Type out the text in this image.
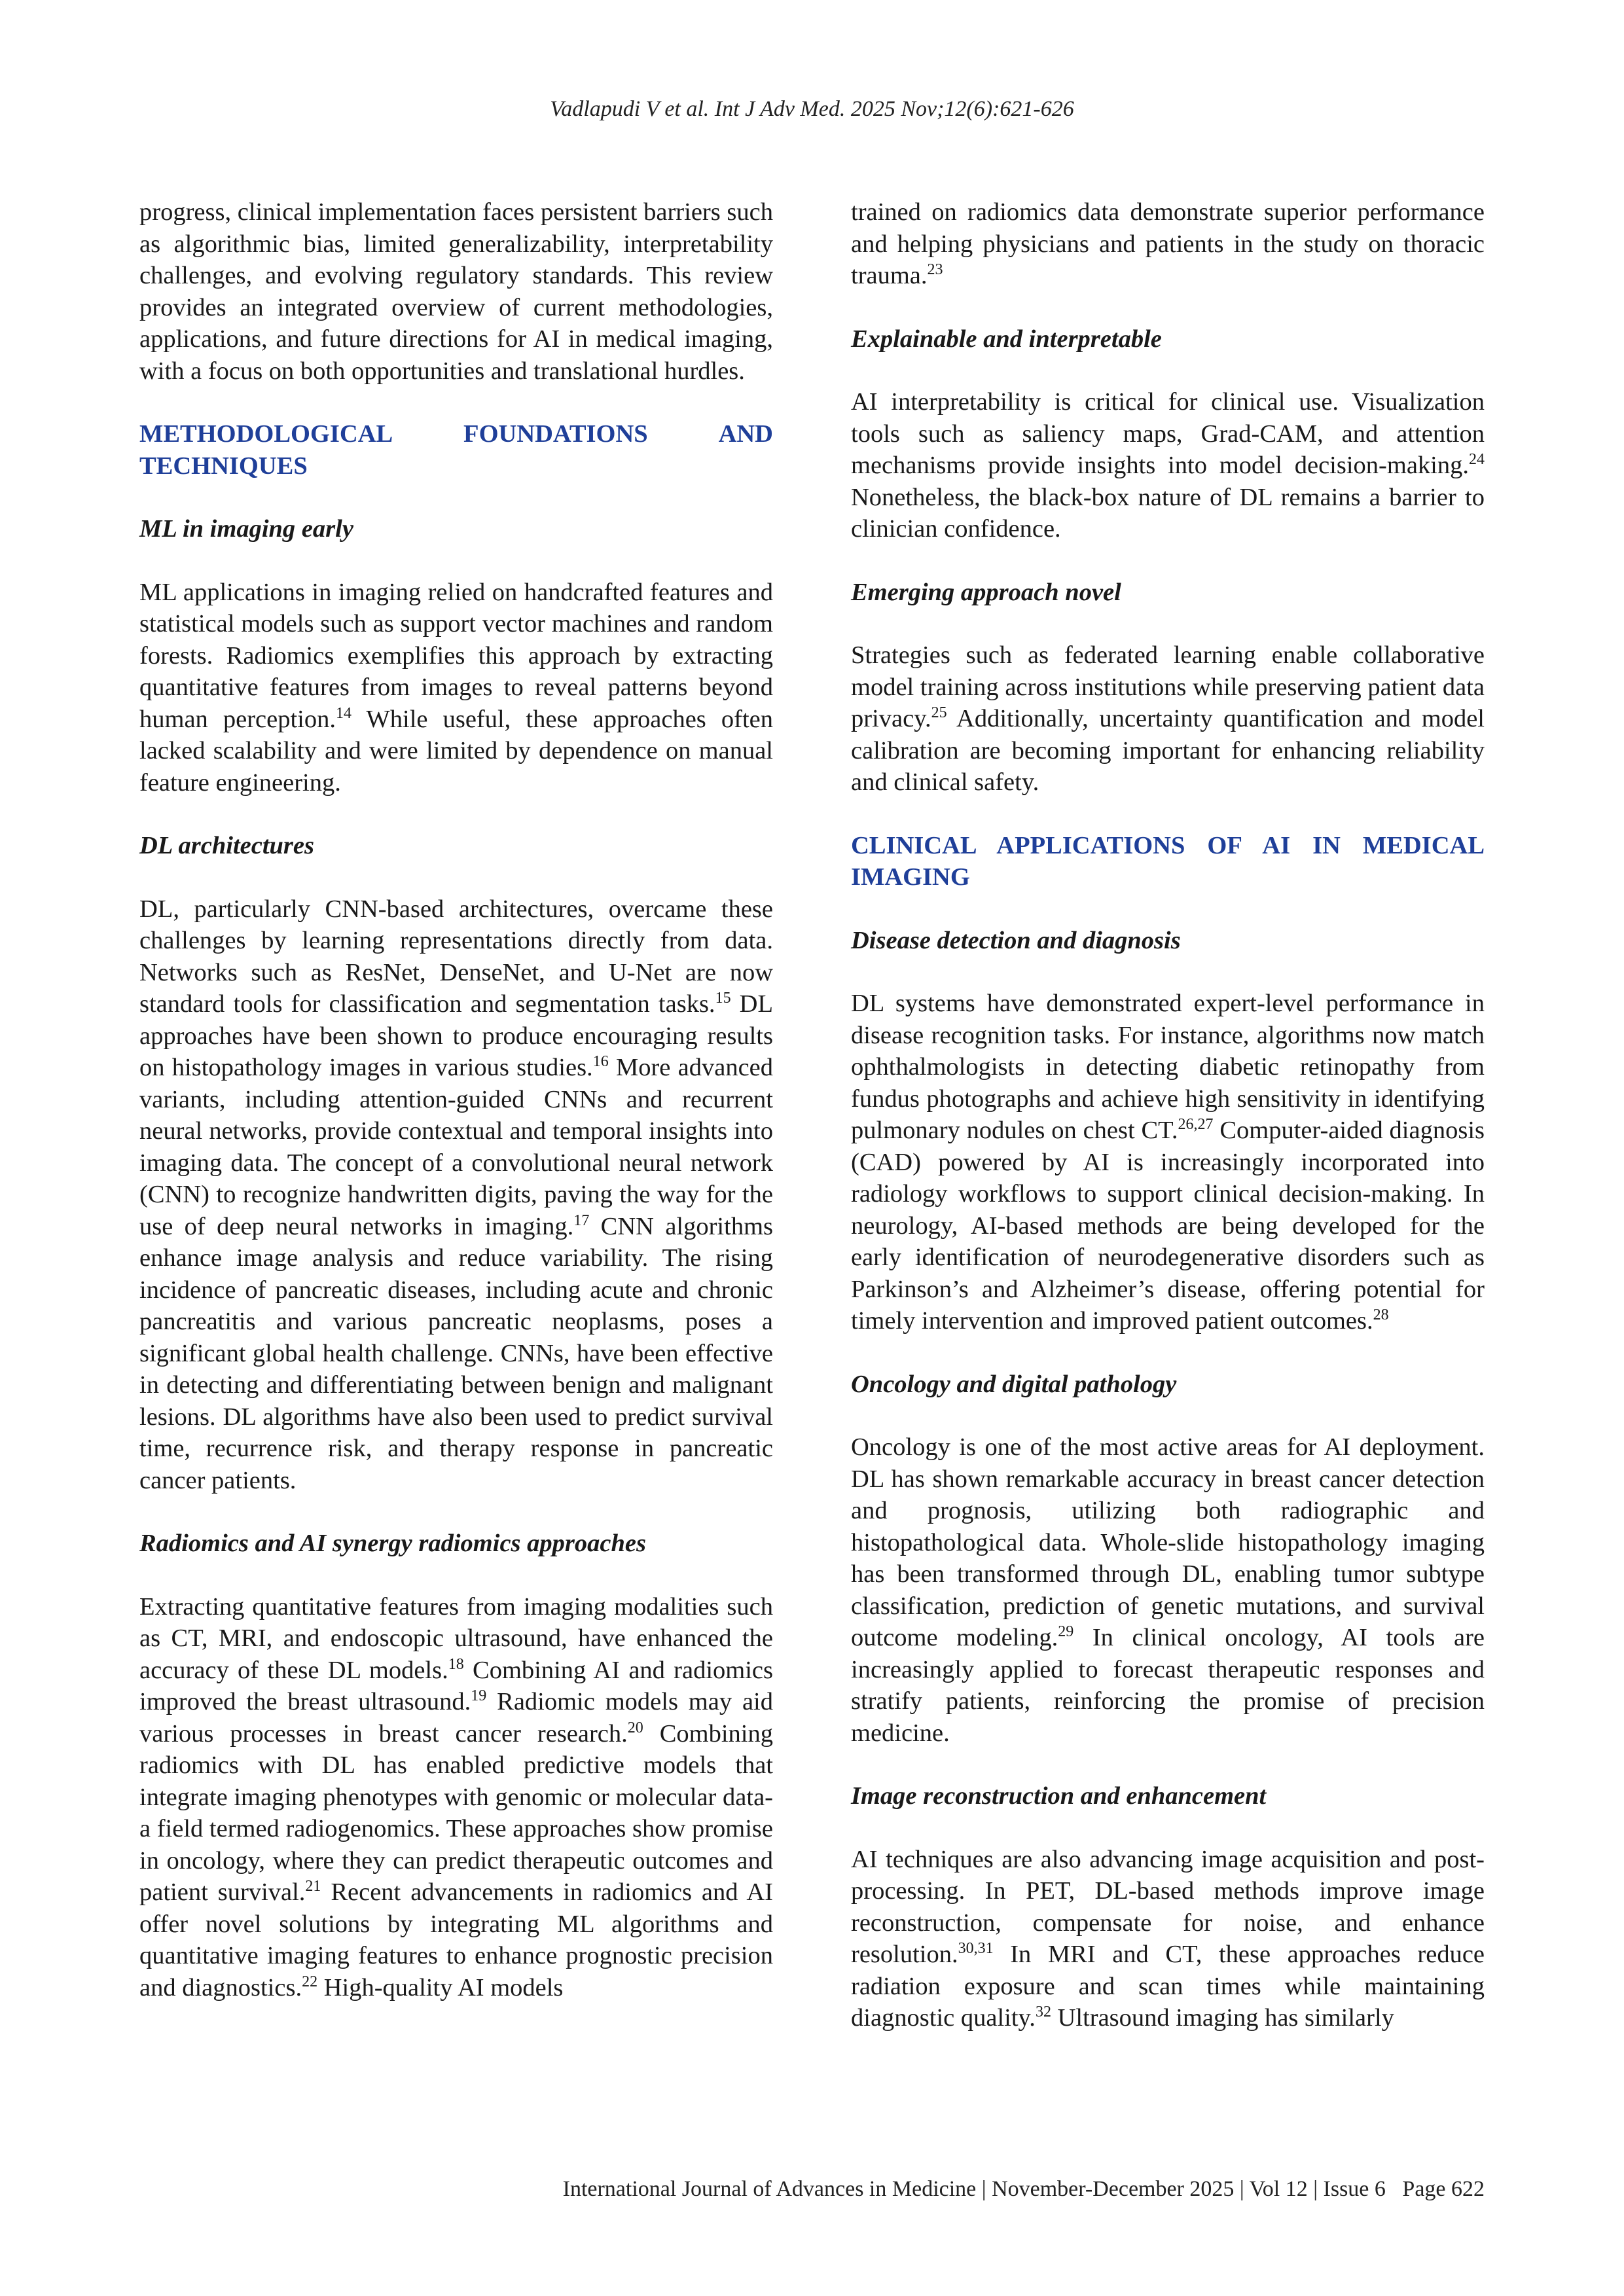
Vadlapudi V et al. Int J Adv Med. 2025 Nov;12(6):621-626

progress, clinical implementation faces persistent barriers such as algorithmic bias, limited generalizability, interpretability challenges, and evolving regulatory standards. This review provides an integrated overview of current methodologies, applications, and future directions for AI in medical imaging, with a focus on both opportunities and translational hurdles.

METHODOLOGICAL FOUNDATIONS AND TECHNIQUES
ML in imaging early

ML applications in imaging relied on handcrafted features and statistical models such as support vector machines and random forests. Radiomics exemplifies this approach by extracting quantitative features from images to reveal patterns beyond human perception.$^{14}$ While useful, these approaches often lacked scalability and were limited by dependence on manual feature engineering.

DL architectures

DL, particularly CNN-based architectures, overcame these challenges by learning representations directly from data. Networks such as ResNet, DenseNet, and U-Net are now standard tools for classification and segmentation tasks.$^{15}$ DL approaches have been shown to produce encouraging results on histopathology images in various studies.$^{16}$ More advanced variants, including attention-guided CNNs and recurrent neural networks, provide contextual and temporal insights into imaging data. The concept of a convolutional neural network (CNN) to recognize handwritten digits, paving the way for the use of deep neural networks in imaging.$^{17}$ CNN algorithms enhance image analysis and reduce variability. The rising incidence of pancreatic diseases, including acute and chronic pancreatitis and various pancreatic neoplasms, poses a significant global health challenge. CNNs, have been effective in detecting and differentiating between benign and malignant lesions. DL algorithms have also been used to predict survival time, recurrence risk, and therapy response in pancreatic cancer patients.

Radiomics and AI synergy radiomics approaches

Extracting quantitative features from imaging modalities such as CT, MRI, and endoscopic ultrasound, have enhanced the accuracy of these DL models.$^{18}$ Combining AI and radiomics improved the breast ultrasound.$^{19}$ Radiomic models may aid various processes in breast cancer research.$^{20}$ Combining radiomics with DL has enabled predictive models that integrate imaging phenotypes with genomic or molecular data-a field termed radiogenomics. These approaches show promise in oncology, where they can predict therapeutic outcomes and patient survival.$^{21}$ Recent advancements in radiomics and AI offer novel solutions by integrating ML algorithms and quantitative imaging features to enhance prognostic precision and diagnostics.$^{22}$ High-quality AI models

trained on radiomics data demonstrate superior performance and helping physicians and patients in the study on thoracic trauma.$^{23}$

Explainable and interpretable

AI interpretability is critical for clinical use. Visualization tools such as saliency maps, Grad-CAM, and attention mechanisms provide insights into model decision-making.$^{24}$ Nonetheless, the black-box nature of DL remains a barrier to clinician confidence.

Emerging approach novel

Strategies such as federated learning enable collaborative model training across institutions while preserving patient data privacy.$^{25}$ Additionally, uncertainty quantification and model calibration are becoming important for enhancing reliability and clinical safety.

CLINICAL APPLICATIONS OF AI IN MEDICAL IMAGING
Disease detection and diagnosis

DL systems have demonstrated expert-level performance in disease recognition tasks. For instance, algorithms now match ophthalmologists in detecting diabetic retinopathy from fundus photographs and achieve high sensitivity in identifying pulmonary nodules on chest CT.$^{26,27}$ Computer-aided diagnosis (CAD) powered by AI is increasingly incorporated into radiology workflows to support clinical decision-making. In neurology, AI-based methods are being developed for the early identification of neurodegenerative disorders such as Parkinson’s and Alzheimer’s disease, offering potential for timely intervention and improved patient outcomes.$^{28}$

Oncology and digital pathology

Oncology is one of the most active areas for AI deployment. DL has shown remarkable accuracy in breast cancer detection and prognosis, utilizing both radiographic and histopathological data. Whole-slide histopathology imaging has been transformed through DL, enabling tumor subtype classification, prediction of genetic mutations, and survival outcome modeling.$^{29}$ In clinical oncology, AI tools are increasingly applied to forecast therapeutic responses and stratify patients, reinforcing the promise of precision medicine.

Image reconstruction and enhancement

AI techniques are also advancing image acquisition and post-processing. In PET, DL-based methods improve image reconstruction, compensate for noise, and enhance resolution.$^{30,31}$ In MRI and CT, these approaches reduce radiation exposure and scan times while maintaining diagnostic quality.$^{32}$ Ultrasound imaging has similarly

International Journal of Advances in Medicine | November-December 2025 | Vol 12 | Issue 6 Page 622
